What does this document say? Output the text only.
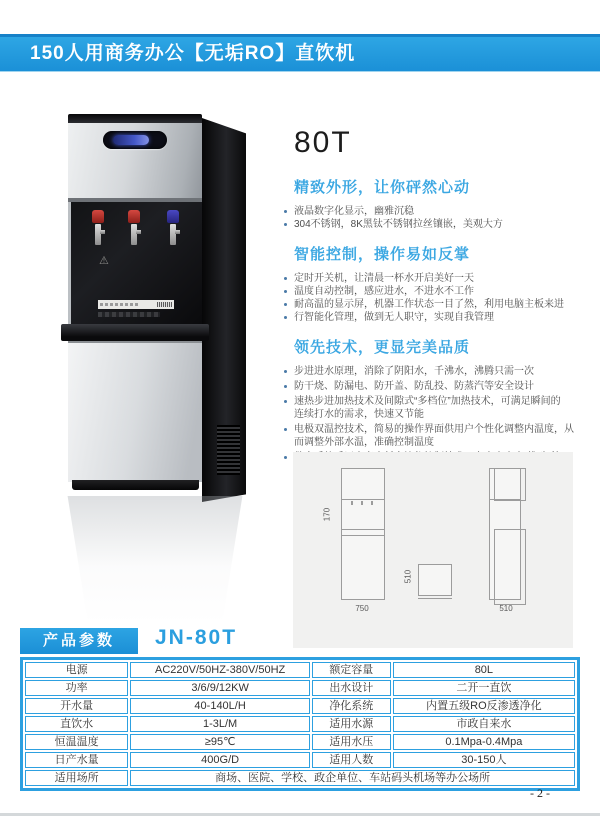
150人用商务办公【无垢RO】直饮机
⚠
80T
精致外形，让你砰然心动
液晶数字化显示，幽雅沉稳
304不锈钢，8K黑钛不锈钢拉丝镶嵌，美观大方
智能控制，操作易如反掌
定时开关机，让清晨一杯水开启美好一天
温度自动控制，感应进水，不进水不工作
耐高温的显示屏，机器工作状态一目了然，利用电脑主板来进
行智能化管理，做到无人职守，实现自我管理
领先技术，更显完美品质
步进进水原理，消除了阴阳水，千沸水，沸腾只需一次
防干烧、防漏电、防开盖、防乱投、防蒸汽等安全设计
速热步进加热技术及间隙式“多档位”加热技术，可满足瞬间的
连续打水的需求，快速又节能
电极双温控技术，简易的操作界面供用户个性化调整内温度，从
而调整外部水温，准确控制温度
170
750
510
510
产品参数	JN-80T
电源	AC220V/50HZ-380V/50HZ	额定容量	80L
功率	3/6/9/12KW	出水设计	二开一直饮
开水量	40-140L/H	净化系统	内置五级RO反渗透净化
直饮水	1-3L/M	适用水源	市政自来水
恒温温度	≥95℃	适用水压	0.1Mpa-0.4Mpa
日产水量	400G/D	适用人数	30-150人
适用场所	商场、医院、学校、政企单位、车站码头机场等办公场所		
- 2 -
